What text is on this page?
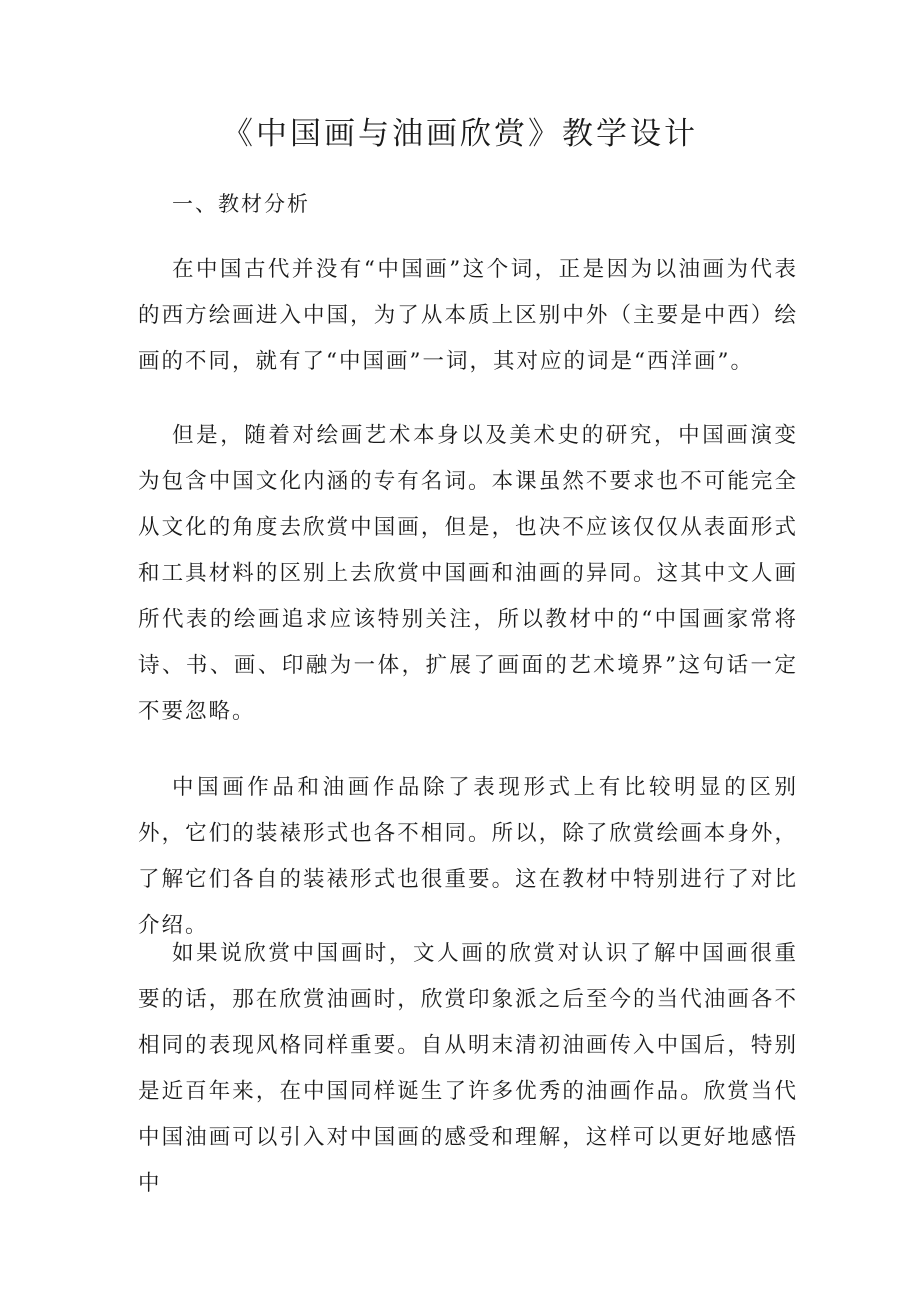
《中国画与油画欣赏》教学设计
一、教材分析

在中国古代并没有“中国画”这个词，正是因为以油画为代表的西方绘画进入中国，为了从本质上区别中外（主要是中西）绘画的不同，就有了“中国画”一词，其对应的词是“西洋画”。

但是，随着对绘画艺术本身以及美术史的研究，中国画演变为包含中国文化内涵的专有名词。本课虽然不要求也不可能完全从文化的角度去欣赏中国画，但是，也决不应该仅仅从表面形式和工具材料的区别上去欣赏中国画和油画的异同。这其中文人画所代表的绘画追求应该特别关注，所以教材中的“中国画家常将诗、书、画、印融为一体，扩展了画面的艺术境界”这句话一定不要忽略。

中国画作品和油画作品除了表现形式上有比较明显的区别外，它们的装裱形式也各不相同。所以，除了欣赏绘画本身外，了解它们各自的装裱形式也很重要。这在教材中特别进行了对比介绍。

如果说欣赏中国画时，文人画的欣赏对认识了解中国画很重要的话，那在欣赏油画时，欣赏印象派之后至今的当代油画各不相同的表现风格同样重要。自从明末清初油画传入中国后，特别是近百年来，在中国同样诞生了许多优秀的油画作品。欣赏当代中国油画可以引入对中国画的感受和理解，这样可以更好地感悟中
